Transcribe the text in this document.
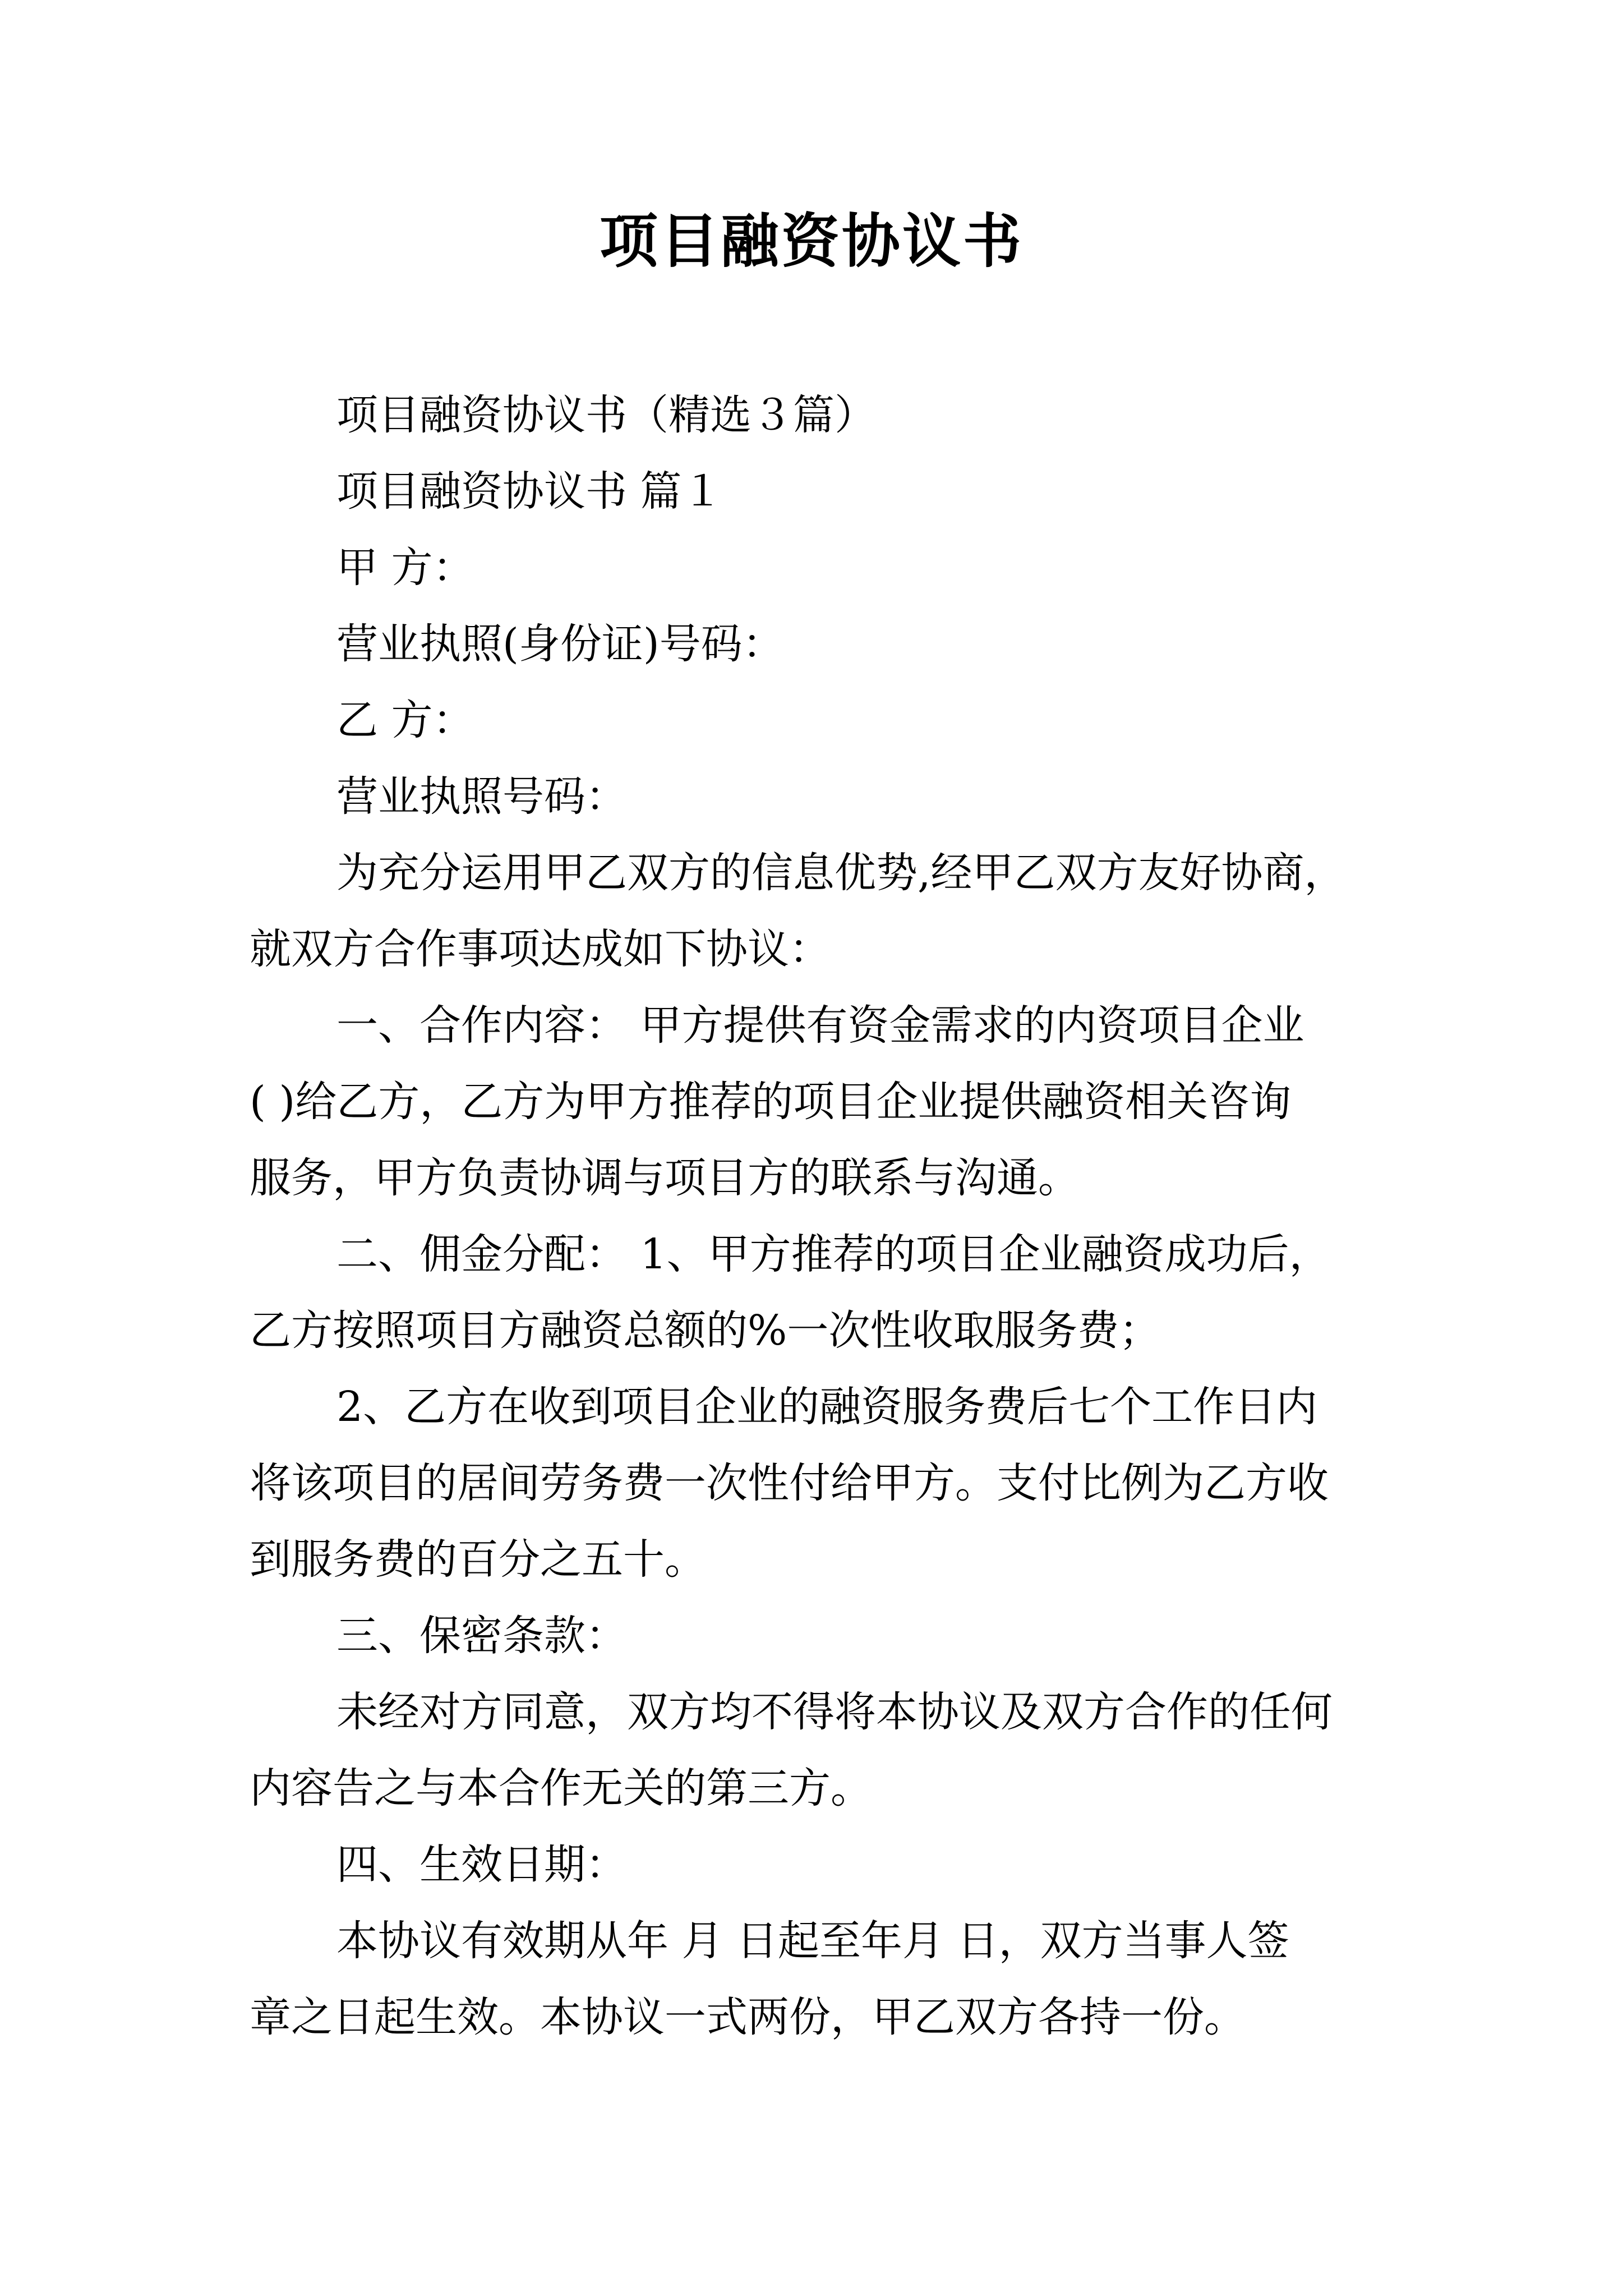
项目融资协议书
项目融资协议书（精选３篇）
项目融资协议书 篇１
甲 方：
营业执照(身份证)号码：
乙 方：
营业执照号码：
为充分运用甲乙双方的信息优势,经甲乙双方友好协商，
就双方合作事项达成如下协议：
一、合作内容： 甲方提供有资金需求的内资项目企业
( )给乙方，乙方为甲方推荐的项目企业提供融资相关咨询
服务，甲方负责协调与项目方的联系与沟通。
二、佣金分配： 1、甲方推荐的项目企业融资成功后，
乙方按照项目方融资总额的%一次性收取服务费；
2、乙方在收到项目企业的融资服务费后七个工作日内
将该项目的居间劳务费一次性付给甲方。支付比例为乙方收
到服务费的百分之五十。
三、保密条款：
未经对方同意，双方均不得将本协议及双方合作的任何
内容告之与本合作无关的第三方。
四、生效日期：
本协议有效期从年 月 日起至年月 日，双方当事人签
章之日起生效。本协议一式两份，甲乙双方各持一份。
